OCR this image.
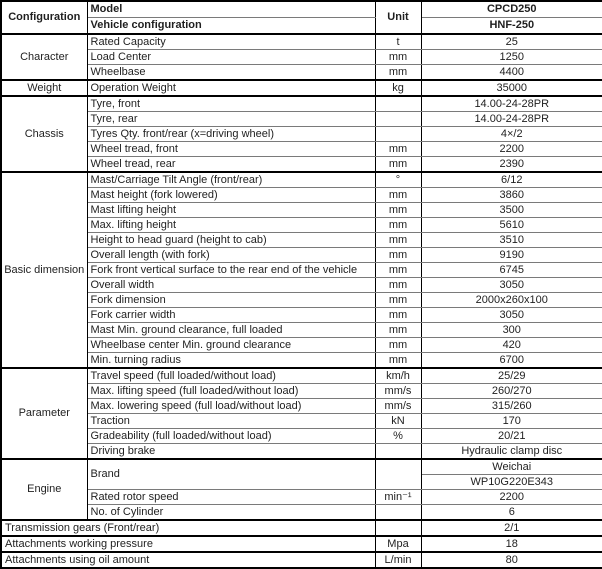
Configuration	Model	Unit	CPCD250
	Vehicle configuration		HNF-250
Character	Rated Capacity	t	25
	Load Center	mm	1250
	Wheelbase	mm	4400
Weight	Operation Weight	kg	35000
Chassis	Tyre, front		14.00-24-28PR
	Tyre, rear		14.00-24-28PR
	Tyres Qty. front/rear (x=driving wheel)		4×/2
	Wheel tread, front	mm	2200
	Wheel tread, rear	mm	2390
Basic dimension	Mast/Carriage Tilt Angle (front/rear)	°	6/12
	Mast height (fork lowered)	mm	3860
	Mast lifting height	mm	3500
	Max. lifting height	mm	5610
	Height to head guard (height to cab)	mm	3510
	Overall length (with fork)	mm	9190
	Fork front vertical surface to the rear end of the vehicle	mm	6745
	Overall width	mm	3050
	Fork dimension	mm	2000x260x100
	Fork carrier width	mm	3050
	Mast Min. ground clearance, full loaded	mm	300
	Wheelbase center Min. ground clearance	mm	420
	Min. turning radius	mm	6700
Parameter	Travel speed (full loaded/without load)	km/h	25/29
	Max. lifting speed (full loaded/without load)	mm/s	260/270
	Max. lowering speed (full load/without load)	mm/s	315/260
	Traction	kN	170
	Gradeability (full loaded/without load)	%	20/21
	Driving brake		Hydraulic clamp disc
Engine	Brand		Weichai
			WP10G220E343
	Rated rotor speed	min⁻¹	2200
	No. of Cylinder		6
Transmission gears (Front/rear)			2/1
Attachments working pressure		Mpa	18
Attachments using oil amount		L/min	80
